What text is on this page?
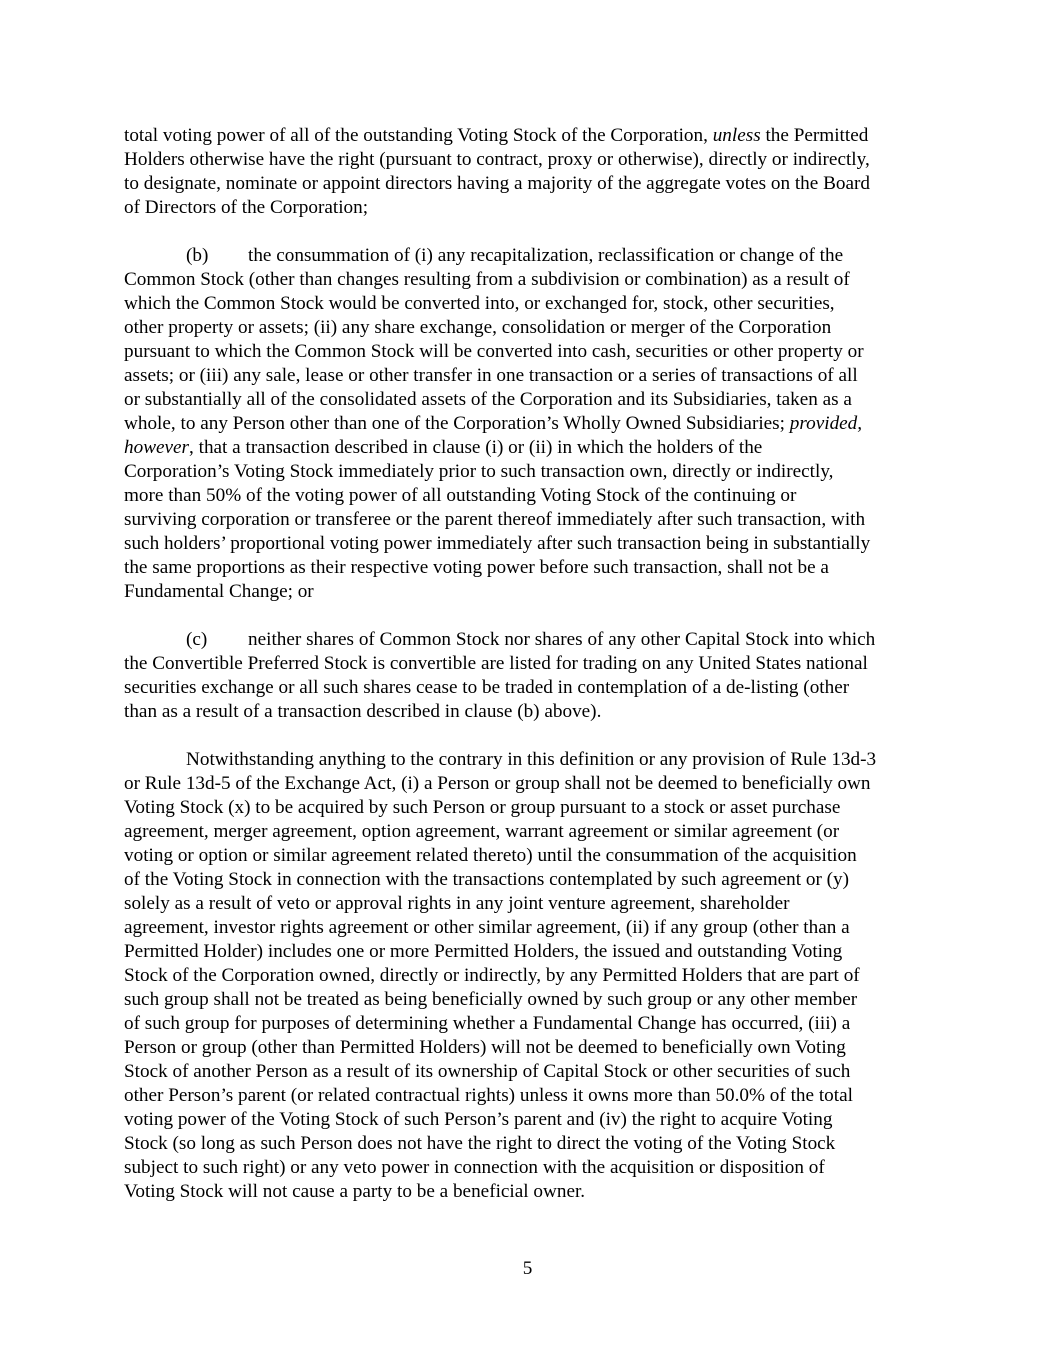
total voting power of all of the outstanding Voting Stock of the Corporation, unless the Permitted
Holders otherwise have the right (pursuant to contract, proxy or otherwise), directly or indirectly,
to designate, nominate or appoint directors having a majority of the aggregate votes on the Board
of Directors of the Corporation;

(b) the consummation of (i) any recapitalization, reclassification or change of the
Common Stock (other than changes resulting from a subdivision or combination) as a result of
which the Common Stock would be converted into, or exchanged for, stock, other securities,
other property or assets; (ii) any share exchange, consolidation or merger of the Corporation
pursuant to which the Common Stock will be converted into cash, securities or other property or
assets; or (iii) any sale, lease or other transfer in one transaction or a series of transactions of all
or substantially all of the consolidated assets of the Corporation and its Subsidiaries, taken as a
whole, to any Person other than one of the Corporation’s Wholly Owned Subsidiaries; provided,
however, that a transaction described in clause (i) or (ii) in which the holders of the
Corporation’s Voting Stock immediately prior to such transaction own, directly or indirectly,
more than 50% of the voting power of all outstanding Voting Stock of the continuing or
surviving corporation or transferee or the parent thereof immediately after such transaction, with
such holders’ proportional voting power immediately after such transaction being in substantially
the same proportions as their respective voting power before such transaction, shall not be a
Fundamental Change; or

(c) neither shares of Common Stock nor shares of any other Capital Stock into which
the Convertible Preferred Stock is convertible are listed for trading on any United States national
securities exchange or all such shares cease to be traded in contemplation of a de-listing (other
than as a result of a transaction described in clause (b) above).

Notwithstanding anything to the contrary in this definition or any provision of Rule 13d-3
or Rule 13d-5 of the Exchange Act, (i) a Person or group shall not be deemed to beneficially own
Voting Stock (x) to be acquired by such Person or group pursuant to a stock or asset purchase
agreement, merger agreement, option agreement, warrant agreement or similar agreement (or
voting or option or similar agreement related thereto) until the consummation of the acquisition
of the Voting Stock in connection with the transactions contemplated by such agreement or (y)
solely as a result of veto or approval rights in any joint venture agreement, shareholder
agreement, investor rights agreement or other similar agreement, (ii) if any group (other than a
Permitted Holder) includes one or more Permitted Holders, the issued and outstanding Voting
Stock of the Corporation owned, directly or indirectly, by any Permitted Holders that are part of
such group shall not be treated as being beneficially owned by such group or any other member
of such group for purposes of determining whether a Fundamental Change has occurred, (iii) a
Person or group (other than Permitted Holders) will not be deemed to beneficially own Voting
Stock of another Person as a result of its ownership of Capital Stock or other securities of such
other Person’s parent (or related contractual rights) unless it owns more than 50.0% of the total
voting power of the Voting Stock of such Person’s parent and (iv) the right to acquire Voting
Stock (so long as such Person does not have the right to direct the voting of the Voting Stock
subject to such right) or any veto power in connection with the acquisition or disposition of
Voting Stock will not cause a party to be a beneficial owner.

5
